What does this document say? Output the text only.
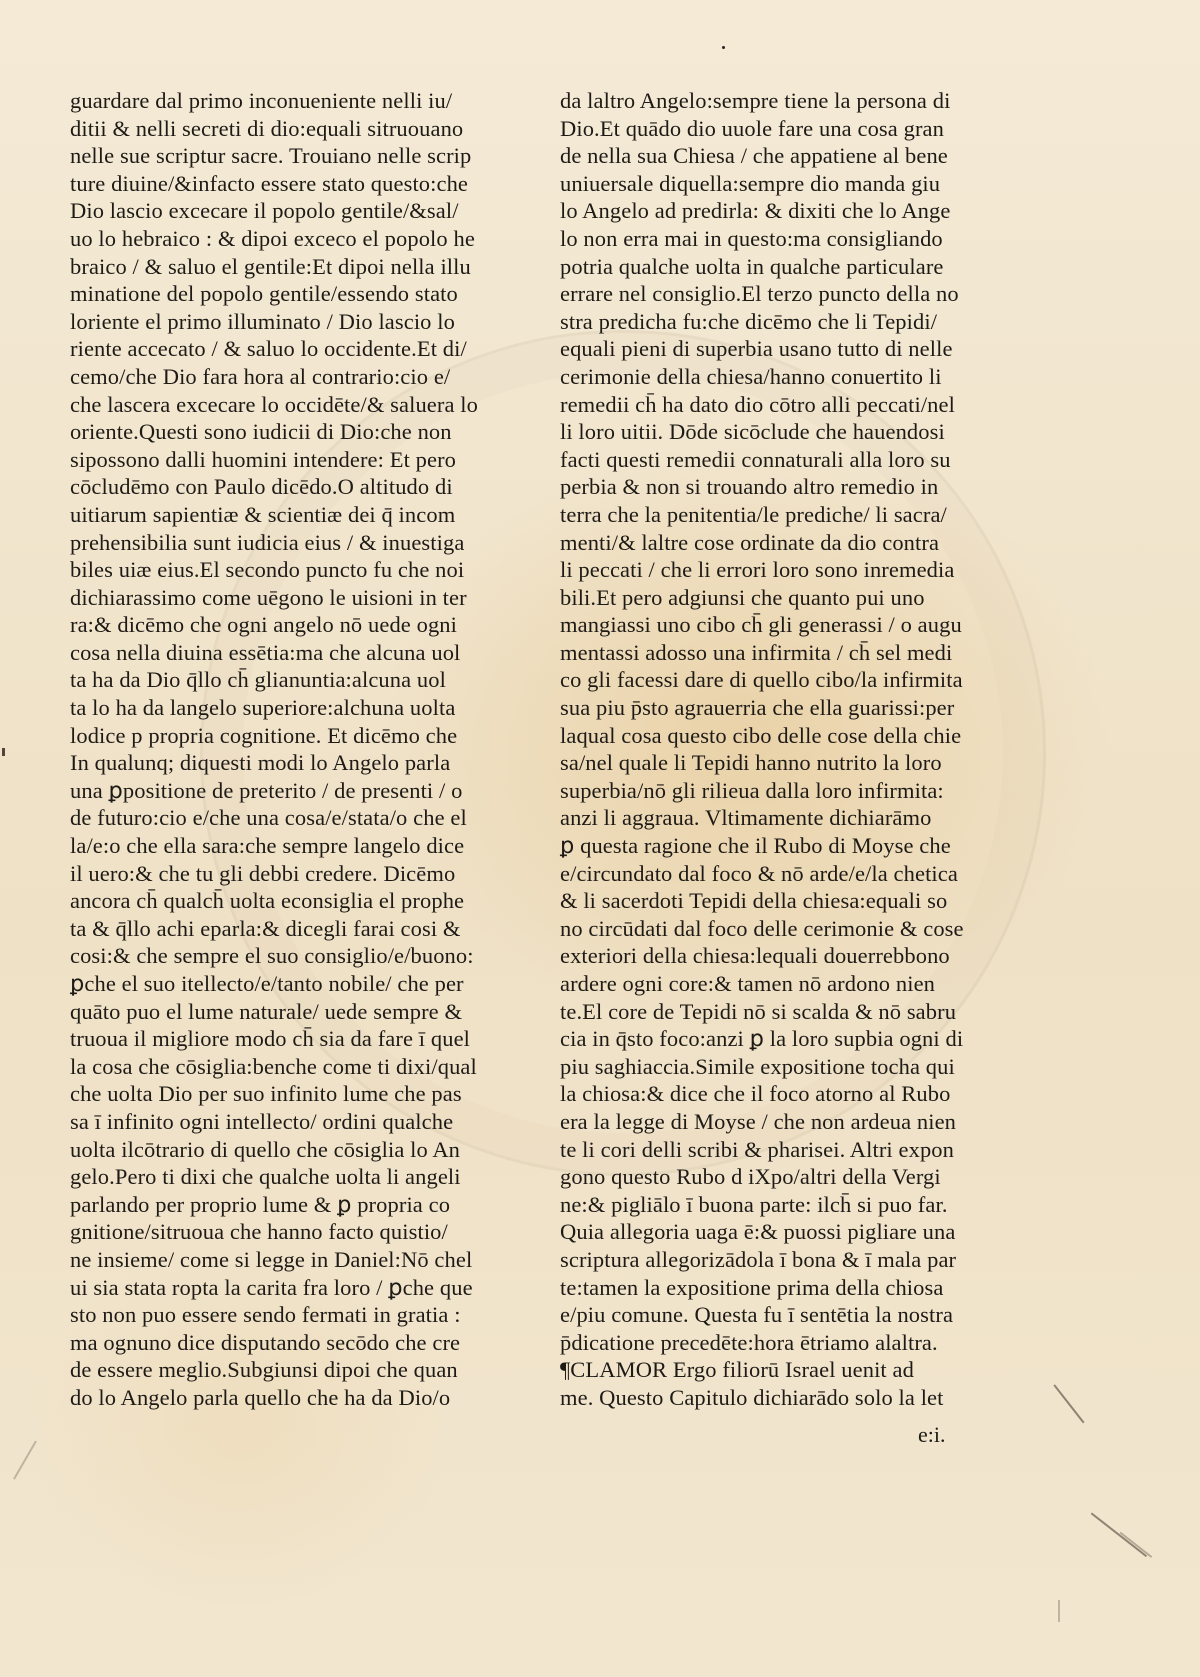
guardare dal primo inconueniente nelli iu/
ditii & nelli secreti di dio:equali sitruouano
nelle sue scriptur sacre. Trouiano nelle scrip
ture diuine/&infacto essere stato questo:che
Dio lascio excecare il popolo gentile/&sal/
uo lo hebraico : & dipoi exceco el popolo he
braico / & saluo el gentile:Et dipoi nella illu
minatione del popolo gentile/essendo stato
loriente el primo illuminato / Dio lascio lo
riente accecato / & saluo lo occidente.Et di/
cemo/che Dio fara hora al contrario:cio e/
che lascera excecare lo occidēte/& saluera lo
oriente.Questi sono iudicii di Dio:che non
sipossono dalli huomini intendere: Et pero
cōcludēmo con Paulo dicēdo.O altitudo di
uitiarum sapientiæ & scientiæ dei q̄ incom
prehensibilia sunt iudicia eius / & inuestiga
biles uiæ eius.El secondo puncto fu che noi
dichiarassimo come uēgono le uisioni in ter
ra:& dicēmo che ogni angelo nō uede ogni
cosa nella diuina essētia:ma che alcuna uol
ta ha da Dio q̄llo ch̄ glianuntia:alcuna uol
ta lo ha da langelo superiore:alchuna uolta
lodice p propria cognitione. Et dicēmo che
In qualunq; diquesti modi lo Angelo parla
una ꝑpositione de preterito / de presenti / o
de futuro:cio e/che una cosa/e/stata/o che el
la/e:o che ella sara:che sempre langelo dice
il uero:& che tu gli debbi credere. Dicēmo
ancora ch̄ qualch̄ uolta econsiglia el prophe
ta & q̄llo achi eparla:& dicegli farai cosi &
cosi:& che sempre el suo consiglio/e/buono:
ꝑche el suo itellecto/e/tanto nobile/ che per
quāto puo el lume naturale/ uede sempre &
truoua il migliore modo ch̄ sia da fare ī quel
la cosa che cōsiglia:benche come ti dixi/qual
che uolta Dio per suo infinito lume che pas
sa ī infinito ogni intellecto/ ordini qualche
uolta ilcōtrario di quello che cōsiglia lo An
gelo.Pero ti dixi che qualche uolta li angeli
parlando per proprio lume & ꝑ propria co
gnitione/sitruoua che hanno facto quistio/
ne insieme/ come si legge in Daniel:Nō chel
ui sia stata ropta la carita fra loro / ꝑche que
sto non puo essere sendo fermati in gratia :
ma ognuno dice disputando secōdo che cre
de essere meglio.Subgiunsi dipoi che quan
do lo Angelo parla quello che ha da Dio/o
da laltro Angelo:sempre tiene la persona di
Dio.Et quādo dio uuole fare una cosa gran
de nella sua Chiesa / che appatiene al bene
uniuersale diquella:sempre dio manda giu
lo Angelo ad predirla: & dixiti che lo Ange
lo non erra mai in questo:ma consigliando
potria qualche uolta in qualche particulare
errare nel consiglio.El terzo puncto della no
stra predicha fu:che dicēmo che li Tepidi/
equali pieni di superbia usano tutto di nelle
cerimonie della chiesa/hanno conuertito li
remedii ch̄ ha dato dio cōtro alli peccati/nel
li loro uitii. Dōde sicōclude che hauendosi
facti questi remedii connaturali alla loro su
perbia & non si trouando altro remedio in
terra che la penitentia/le prediche/ li sacra/
menti/& laltre cose ordinate da dio contra
li peccati / che li errori loro sono inremedia
bili.Et pero adgiunsi che quanto pui uno
mangiassi uno cibo ch̄ gli generassi / o augu
mentassi adosso una infirmita / ch̄ sel medi
co gli facessi dare di quello cibo/la infirmita
sua piu p̄sto agrauerria che ella guarissi:per
laqual cosa questo cibo delle cose della chie
sa/nel quale li Tepidi hanno nutrito la loro
superbia/nō gli rilieua dalla loro infirmita:
anzi li aggraua. Vltimamente dichiarāmo
ꝑ questa ragione che il Rubo di Moyse che
e/circundato dal foco & nō arde/e/la chetica
& li sacerdoti Tepidi della chiesa:equali so
no circūdati dal foco delle cerimonie & cose
exteriori della chiesa:lequali douerrebbono
ardere ogni core:& tamen nō ardono nien
te.El core de Tepidi nō si scalda & nō sabru
cia in q̄sto foco:anzi ꝑ la loro supbia ogni di
piu saghiaccia.Simile expositione tocha qui
la chiosa:& dice che il foco atorno al Rubo
era la legge di Moyse / che non ardeua nien
te li cori delli scribi & pharisei. Altri expon
gono questo Rubo d iXpo/altri della Vergi
ne:& pigliālo ī buona parte: ilch̄ si puo far.
Quia allegoria uaga ē:& puossi pigliare una
scriptura allegorizādola ī bona & ī mala par
te:tamen la expositione prima della chiosa
e/piu comune. Questa fu ī sentētia la nostra
p̄dicatione precedēte:hora ētriamo alaltra.
¶CLAMOR Ergo filiorū Israel uenit ad
me. Questo Capitulo dichiarādo solo la let
e:i.
